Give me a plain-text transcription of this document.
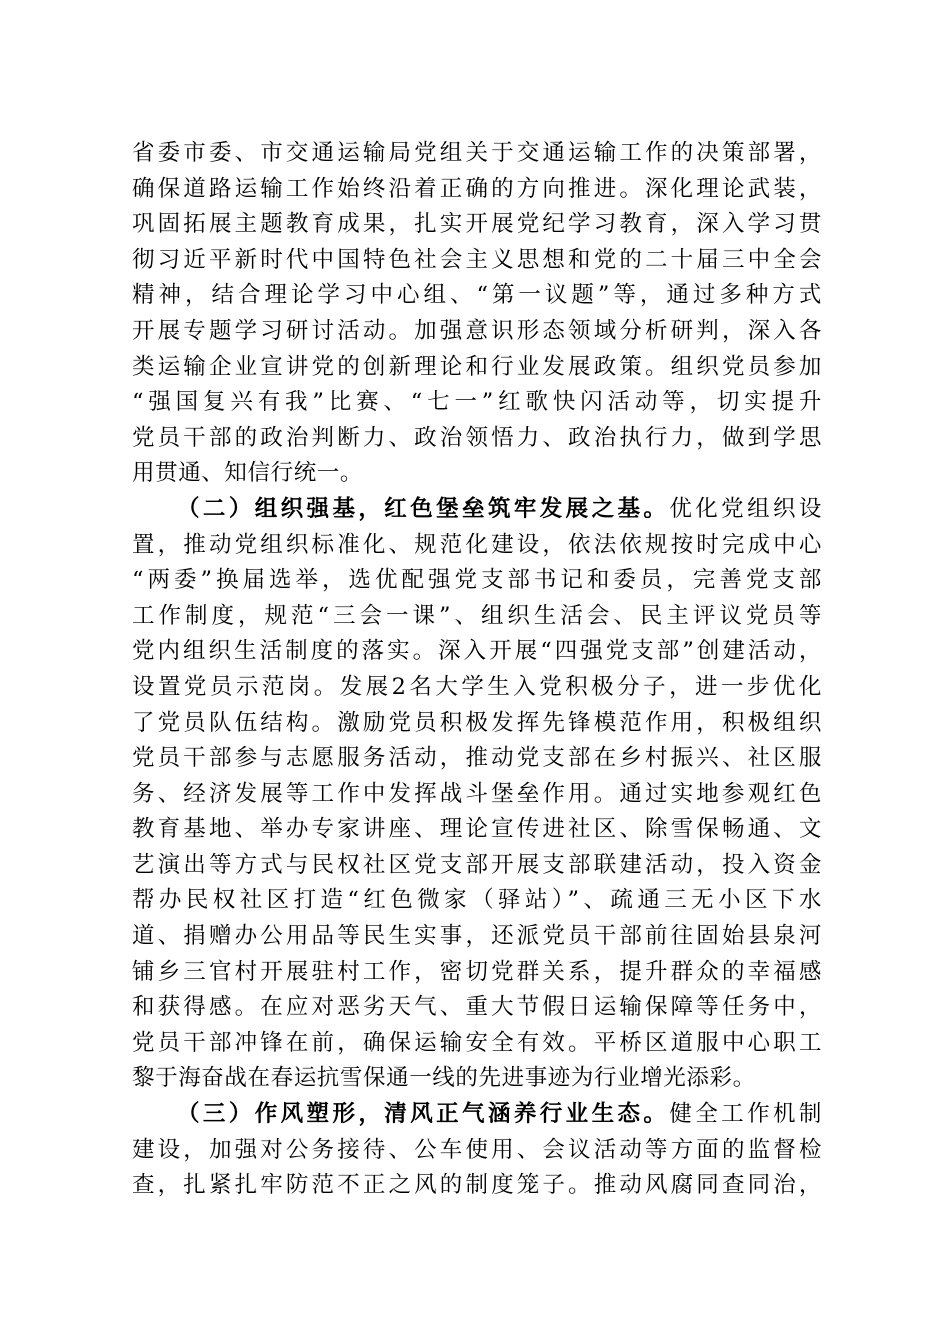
省委市委、市交通运输局党组关于交通运输工作的决策部署，
确保道路运输工作始终沿着正确的方向推进。深化理论武装，
巩固拓展主题教育成果，扎实开展党纪学习教育，深入学习贯
彻习近平新时代中国特色社会主义思想和党的二十届三中全会
精神，结合理论学习中心组、“第一议题”等，通过多种方式
开展专题学习研讨活动。加强意识形态领域分析研判，深入各
类运输企业宣讲党的创新理论和行业发展政策。组织党员参加
“强国复兴有我”比赛、“七一”红歌快闪活动等，切实提升
党员干部的政治判断力、政治领悟力、政治执行力，做到学思
用贯通、知信行统一。
（二）组织强基，红色堡垒筑牢发展之基。优化党组织设
置，推动党组织标准化、规范化建设，依法依规按时完成中心
“两委”换届选举，选优配强党支部书记和委员，完善党支部
工作制度，规范“三会一课”、组织生活会、民主评议党员等
党内组织生活制度的落实。深入开展“四强党支部”创建活动，
设置党员示范岗。发展2名大学生入党积极分子，进一步优化
了党员队伍结构。激励党员积极发挥先锋模范作用，积极组织
党员干部参与志愿服务活动，推动党支部在乡村振兴、社区服
务、经济发展等工作中发挥战斗堡垒作用。通过实地参观红色
教育基地、举办专家讲座、理论宣传进社区、除雪保畅通、文
艺演出等方式与民权社区党支部开展支部联建活动，投入资金
帮办民权社区打造“红色微家（驿站）”、疏通三无小区下水
道、捐赠办公用品等民生实事，还派党员干部前往固始县泉河
铺乡三官村开展驻村工作，密切党群关系，提升群众的幸福感
和获得感。在应对恶劣天气、重大节假日运输保障等任务中，
党员干部冲锋在前，确保运输安全有效。平桥区道服中心职工
黎于海奋战在春运抗雪保通一线的先进事迹为行业增光添彩。
（三）作风塑形，清风正气涵养行业生态。健全工作机制
建设，加强对公务接待、公车使用、会议活动等方面的监督检
查，扎紧扎牢防范不正之风的制度笼子。推动风腐同查同治，
